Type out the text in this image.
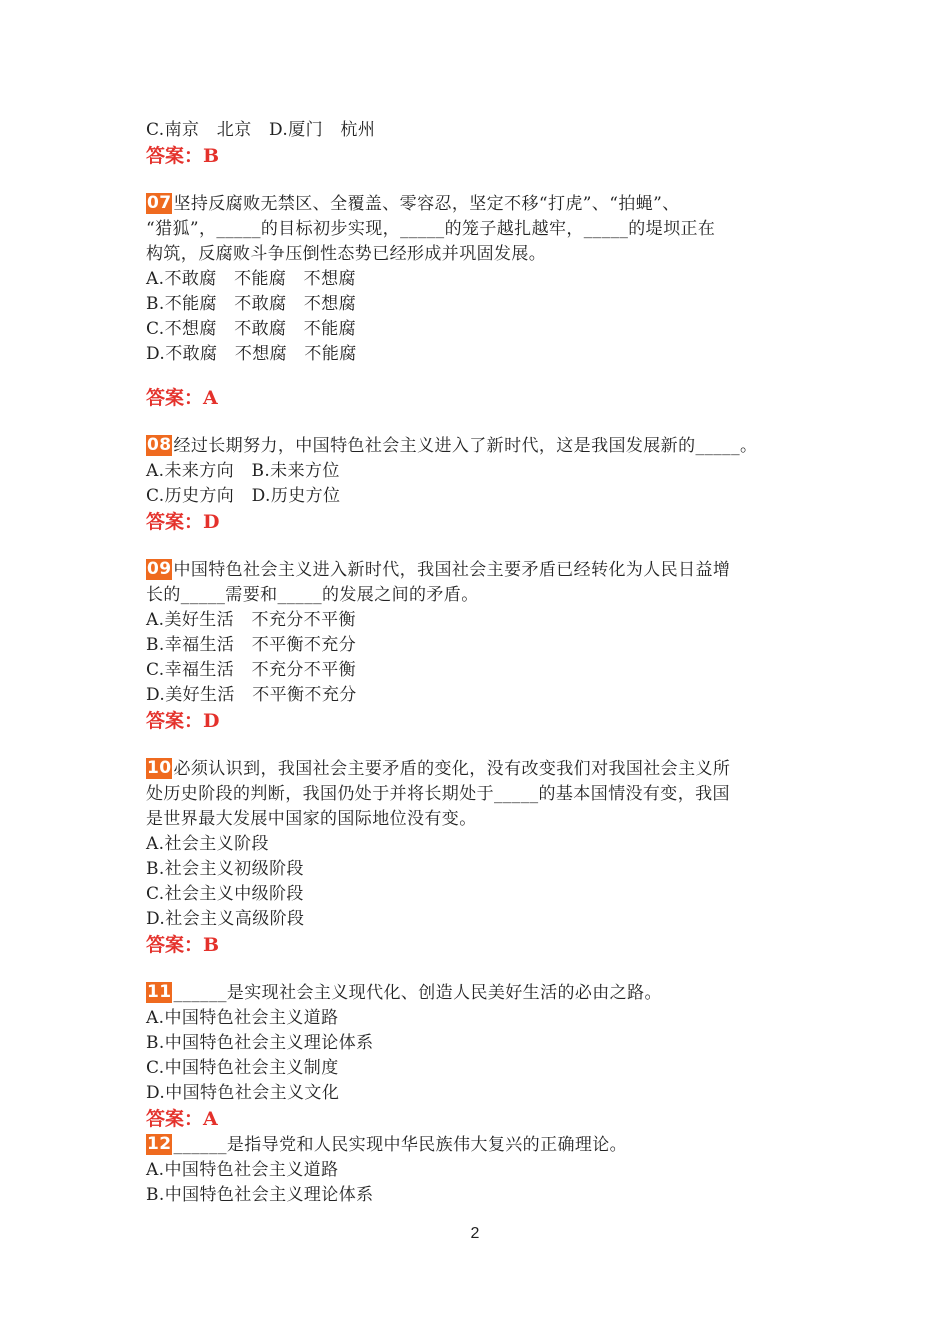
C.南京　北京　D.厦门　杭州
答案：B
07 坚持反腐败无禁区、全覆盖、零容忍，坚定不移“打虎”、“拍蝇”、
“猎狐”，_____的目标初步实现，_____的笼子越扎越牢，_____的堤坝正在
构筑，反腐败斗争压倒性态势已经形成并巩固发展。
A.不敢腐　不能腐　不想腐
B.不能腐　不敢腐　不想腐
C.不想腐　不敢腐　不能腐
D.不敢腐　不想腐　不能腐
答案：A
08 经过长期努力，中国特色社会主义进入了新时代，这是我国发展新的_____。
A.未来方向　B.未来方位
C.历史方向　D.历史方位
答案：D
09 中国特色社会主义进入新时代，我国社会主要矛盾已经转化为人民日益增
长的_____需要和_____的发展之间的矛盾。
A.美好生活　不充分不平衡
B.幸福生活　不平衡不充分
C.幸福生活　不充分不平衡
D.美好生活　不平衡不充分
答案：D
10 必须认识到，我国社会主要矛盾的变化，没有改变我们对我国社会主义所
处历史阶段的判断，我国仍处于并将长期处于_____的基本国情没有变，我国
是世界最大发展中国家的国际地位没有变。
A.社会主义阶段
B.社会主义初级阶段
C.社会主义中级阶段
D.社会主义高级阶段
答案：B
11 ______是实现社会主义现代化、创造人民美好生活的必由之路。
A.中国特色社会主义道路
B.中国特色社会主义理论体系
C.中国特色社会主义制度
D.中国特色社会主义文化
答案：A
12 ______是指导党和人民实现中华民族伟大复兴的正确理论。
A.中国特色社会主义道路
B.中国特色社会主义理论体系
2
